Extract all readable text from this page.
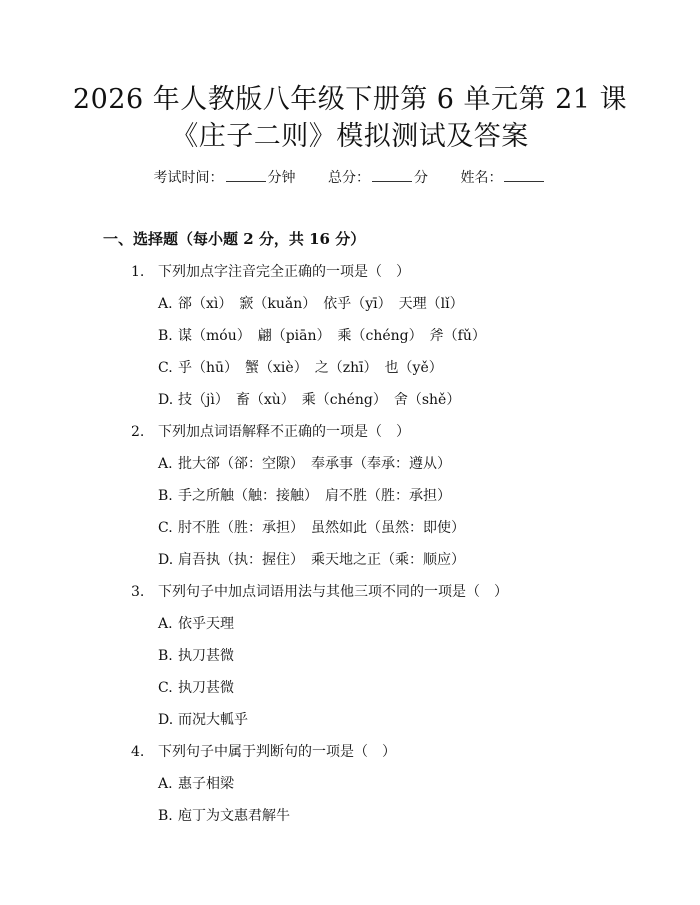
2026 年人教版八年级下册第 6 单元第 21 课
《庄子二则》模拟测试及答案
考试时间：	分钟 总分：	分 姓名：
一、选择题（每小题 2 分，共 16 分）
1. 下列加点字注音完全正确的一项是（　）
A. 郤（xì）　窾（kuǎn）　依乎（yī）　天理（lǐ）
B. 谋（móu）　翩（piān）　乘（chéng）　斧（fǔ）
C. 乎（hū）　蟹（xiè）　之（zhī）　也（yě）
D. 技（jì）　畜（xù）　乘（chéng）　舍（shě）
2. 下列加点词语解释不正确的一项是（　）
A. 批大郤（郤：空隙）　奉承事（奉承：遵从）
B. 手之所触（触：接触）　肩不胜（胜：承担）
C. 肘不胜（胜：承担）　虽然如此（虽然：即使）
D. 肩吾执（执：握住）　乘天地之正（乘：顺应）
3. 下列句子中加点词语用法与其他三项不同的一项是（　）
A. 依乎天理
B. 执刀甚微
C. 执刀甚微
D. 而况大軱乎
4. 下列句子中属于判断句的一项是（　）
A. 惠子相梁
B. 庖丁为文惠君解牛
